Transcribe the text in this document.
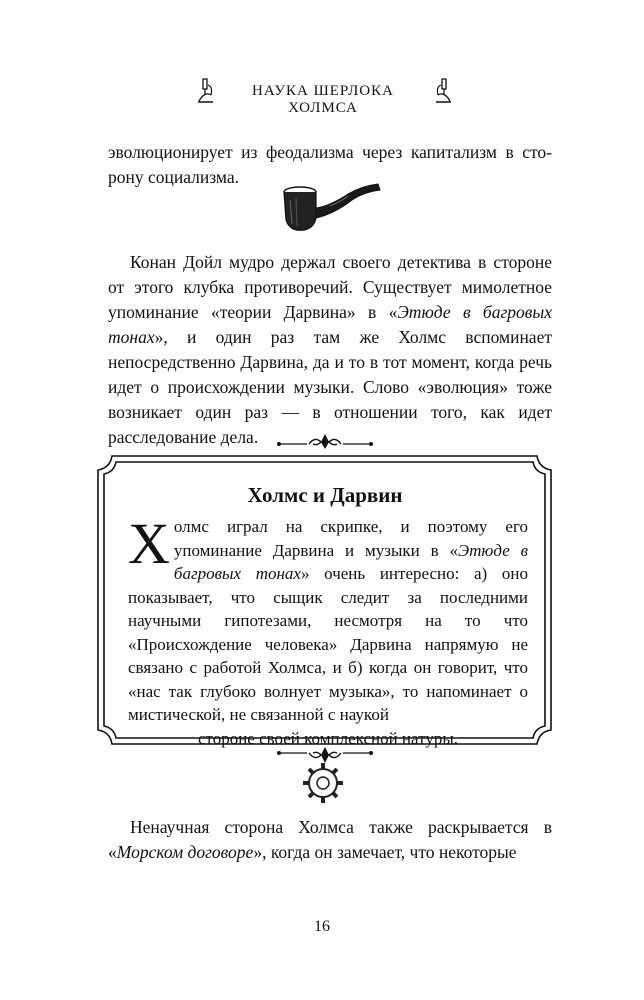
НАУКА ШЕРЛОКА ХОЛМСА
эволюционирует из феодализма через капитализм в сто-
рону социализма.
Конан Дойл мудро держал своего детектива в стороне от этого клубка противоречий. Существует мимолетное упоминание «теории Дарвина» в «Этюде в багровых тонах», и один раз там же Холмс вспоминает непосредственно Дарвина, да и то в тот момент, когда речь идет о происхождении музыки. Слово «эволюция» тоже возникает один раз — в отношении того, как идет расследование дела.
Холмс и Дарвин
Холмс играл на скрипке, и поэтому его упоминание Дарвина и музыки в «Этюде в багровых тонах» очень интересно: а) оно показывает, что сыщик следит за последними научными гипотезами, несмотря на то что «Происхождение человека» Дарвина напрямую не связано с работой Холмса, и б) когда он говорит, что «нас так глубоко волнует музыка», то напоминает о мистической, не связанной с наукой
стороне своей комплексной натуры.
Ненаучная сторона Холмса также раскрывается в «Морском договоре», когда он замечает, что некоторые
16
